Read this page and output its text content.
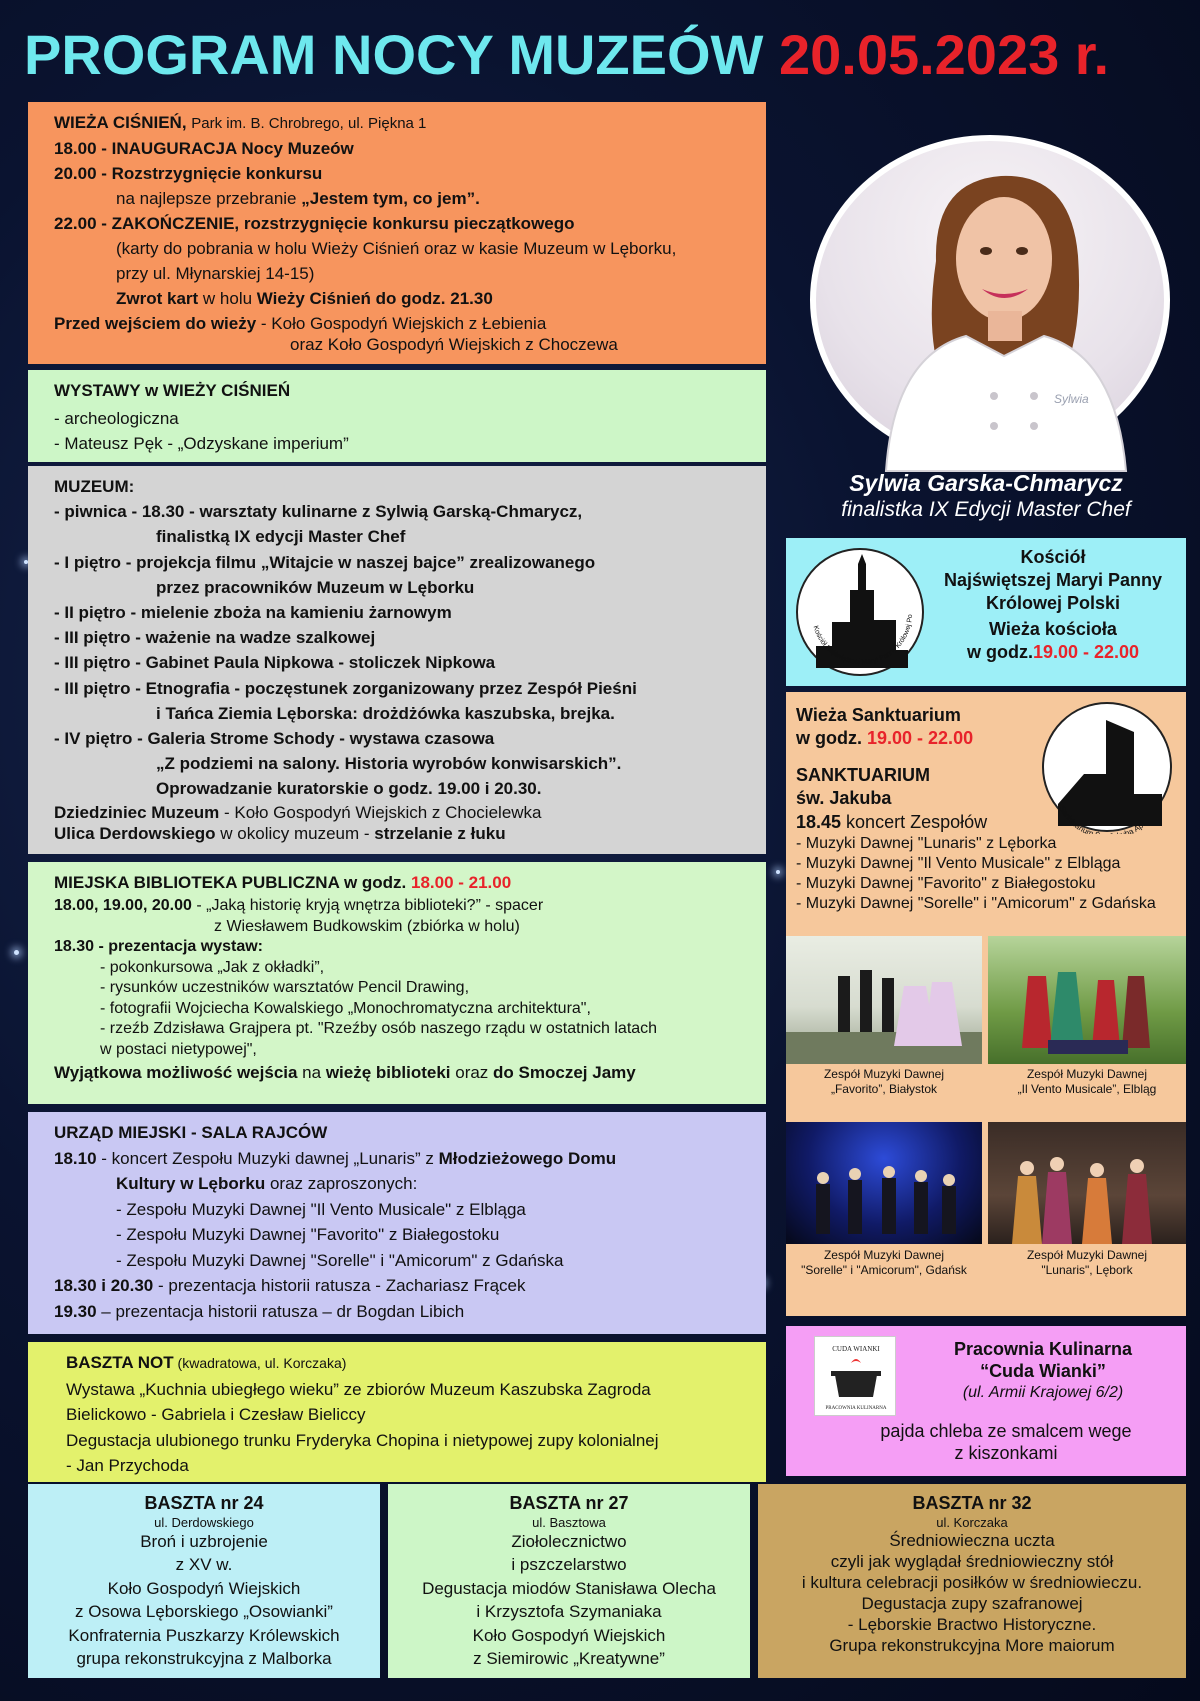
PROGRAM NOCY MUZEÓW 20.05.2023 r.
WIEŻA CIŚNIEŃ, Park im. B. Chrobrego, ul. Piękna 1
18.00 - INAUGURACJA Nocy Muzeów
20.00 - Rozstrzygnięcie konkursu
na najlepsze przebranie „Jestem tym, co jem”.
22.00 - ZAKOŃCZENIE, rozstrzygnięcie konkursu pieczątkowego
(karty do pobrania w holu Wieży Ciśnień oraz w kasie Muzeum w Lęborku,
przy ul. Młynarskiej 14-15)
Zwrot kart w holu Wieży Ciśnień do godz. 21.30
Przed wejściem do wieży - Koło Gospodyń Wiejskich z Łebienia
oraz Koło Gospodyń Wiejskich z Choczewa
WYSTAWY w WIEŻY CIŚNIEŃ
- archeologiczna
- Mateusz Pęk - „Odzyskane imperium”
MUZEUM:
- piwnica - 18.30 - warsztaty kulinarne z Sylwią Garską-Chmarycz,
finalistką IX edycji Master Chef
- I piętro - projekcja filmu „Witajcie w naszej bajce” zrealizowanego
przez pracowników Muzeum w Lęborku
- II piętro - mielenie zboża na kamieniu żarnowym
- III piętro - ważenie na wadze szalkowej
- III piętro - Gabinet Paula Nipkowa - stoliczek Nipkowa
- III piętro - Etnografia - poczęstunek zorganizowany przez Zespół Pieśni
i Tańca Ziemia Lęborska: drożdżówka kaszubska, brejka.
- IV piętro - Galeria Strome Schody - wystawa czasowa
„Z podziemi na salony. Historia wyrobów konwisarskich”.
Oprowadzanie kuratorskie o godz. 19.00 i 20.30.
Dziedziniec Muzeum - Koło Gospodyń Wiejskich z Chocielewka
Ulica Derdowskiego w okolicy muzeum - strzelanie z łuku
MIEJSKA BIBLIOTEKA PUBLICZNA w godz. 18.00 - 21.00
18.00, 19.00, 20.00 - „Jaką historię kryją wnętrza biblioteki?” - spacer
z Wiesławem Budkowskim (zbiórka w holu)
18.30 - prezentacja wystaw:
- pokonkursowa „Jak z okładki”,
- rysunków uczestników warsztatów Pencil Drawing,
- fotografii Wojciecha Kowalskiego „Monochromatyczna architektura",
- rzeźb Zdzisława Grajpera pt. "Rzeźby osób naszego rządu w ostatnich latach
w postaci nietypowej",
Wyjątkowa możliwość wejścia na wieżę biblioteki oraz do Smoczej Jamy
URZĄD MIEJSKI - SALA RAJCÓW
18.10 - koncert Zespołu Muzyki dawnej „Lunaris” z Młodzieżowego Domu
Kultury w Lęborku oraz zaproszonych:
- Zespołu Muzyki Dawnej "Il Vento Musicale" z Elbląga
- Zespołu Muzyki Dawnej "Favorito" z Białegostoku
- Zespołu Muzyki Dawnej "Sorelle" i "Amicorum" z Gdańska
18.30 i 20.30 - prezentacja historii ratusza - Zachariasz Frącek
19.30 – prezentacja historii ratusza – dr Bogdan Libich
BASZTA NOT (kwadratowa, ul. Korczaka)
Wystawa „Kuchnia ubiegłego wieku” ze zbiorów Muzeum Kaszubska Zagroda
Bielickowo - Gabriela i Czesław Bieliccy
Degustacja ulubionego trunku Fryderyka Chopina i nietypowej zupy kolonialnej
- Jan Przychoda
BASZTA nr 24
ul. Derdowskiego
Broń i uzbrojenie
z XV w.
Koło Gospodyń Wiejskich
z Osowa Lęborskiego „Osowianki”
Konfraternia Puszkarzy Królewskich
grupa rekonstrukcyjna z Malborka
BASZTA nr 27
ul. Basztowa
Ziołolecznictwo
i pszczelarstwo
Degustacja miodów Stanisława Olecha
i Krzysztofa Szymaniaka
Koło Gospodyń Wiejskich
z Siemirowic „Kreatywne”
BASZTA nr 32
ul. Korczaka
Średniowieczna uczta
czyli jak wyglądał średniowieczny stół
i kultura celebracji posiłków w średniowieczu.
Degustacja zupy szafranowej
- Lęborskie Bractwo Historyczne.
Grupa rekonstrukcyjna More maiorum
Sylwia
Sylwia Garska-Chmarycz
finalistka IX Edycji Master Chef
Kościół Najświętszej Maryi Panny Królowej Po
Kościół
Najświętszej Maryi Panny
Królowej Polski
Wieża kościoła
w godz.19.00 - 22.00
Wieża Sanktuarium
w godz. 19.00 - 22.00
SANKTUARIUM
św. Jakuba
18.45 koncert Zespołów
- Muzyki Dawnej "Lunaris" z Lęborka
- Muzyki Dawnej "Il Vento Musicale" z Elbląga
- Muzyki Dawnej "Favorito" z Białegostoku
- Muzyki Dawnej "Sorelle" i "Amicorum" z Gdańska
Sanktuarium ba Ap.
Zespół Muzyki Dawnej
„Favorito”, Białystok
Zespół Muzyki Dawnej
„Il Vento Musicale”, Elbląg
Zespół Muzyki Dawnej
"Sorelle" i "Amicorum", Gdańsk
Zespół Muzyki Dawnej
"Lunaris", Lębork
CUDA WIANKI
PRACOWNIA KULINARNA
Pracownia Kulinarna
“Cuda Wianki”
(ul. Armii Krajowej 6/2)
pajda chleba ze smalcem wege
z kiszonkami
